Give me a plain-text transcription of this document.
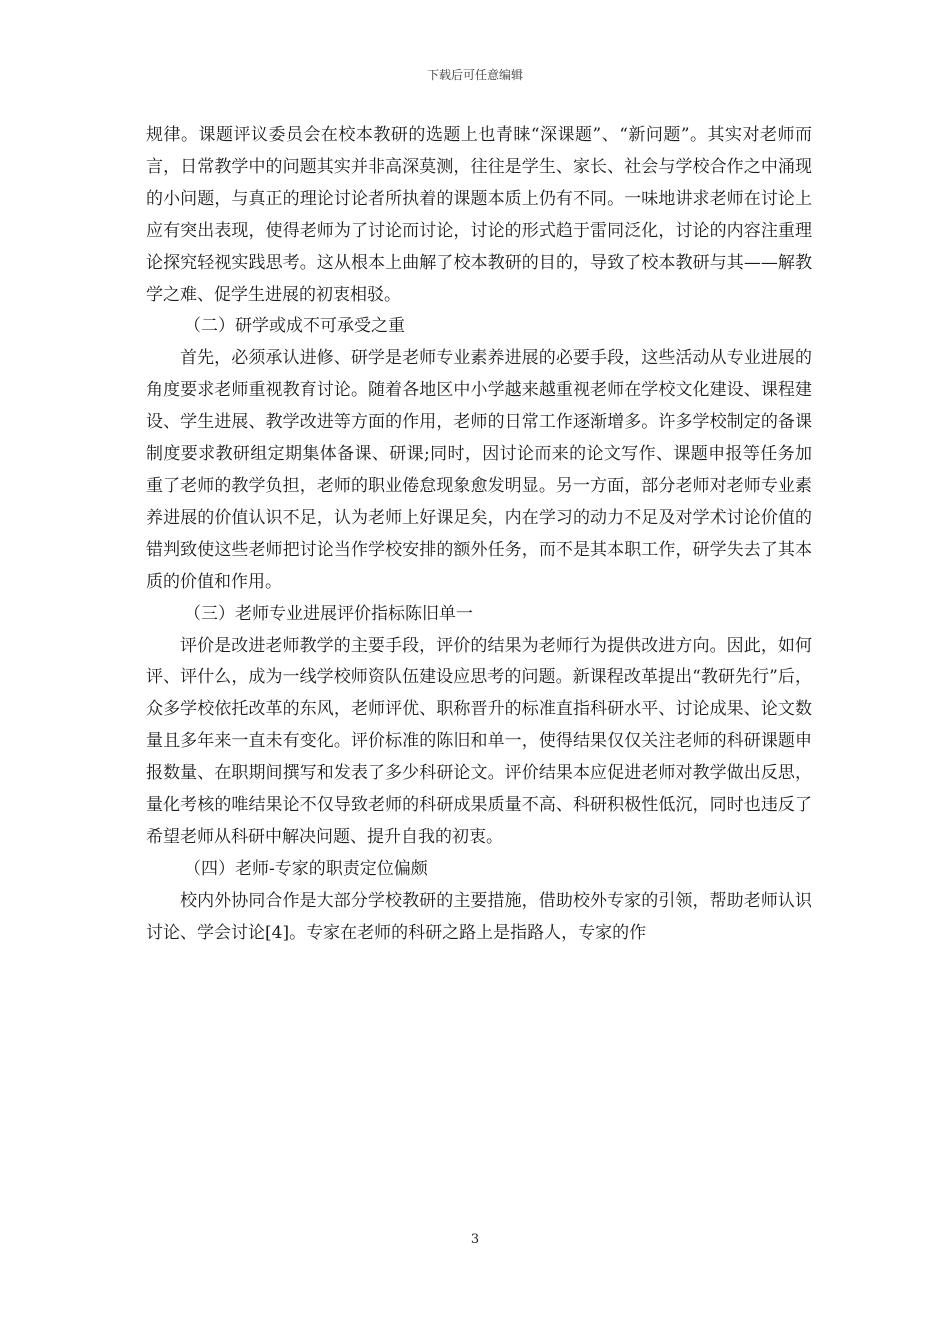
下载后可任意编辑

规律。课题评议委员会在校本教研的选题上也青睐“深课题”、“新问题”。其实对老师而言，日常教学中的问题其实并非高深莫测，往往是学生、家长、社会与学校合作之中涌现的小问题，与真正的理论讨论者所执着的课题本质上仍有不同。一味地讲求老师在讨论上应有突出表现，使得老师为了讨论而讨论，讨论的形式趋于雷同泛化，讨论的内容注重理论探究轻视实践思考。这从根本上曲解了校本教研的目的，导致了校本教研与其——解教学之难、促学生进展的初衷相驳。

（二）研学或成不可承受之重

首先，必须承认进修、研学是老师专业素养进展的必要手段，这些活动从专业进展的角度要求老师重视教育讨论。随着各地区中小学越来越重视老师在学校文化建设、课程建设、学生进展、教学改进等方面的作用，老师的日常工作逐渐增多。许多学校制定的备课制度要求教研组定期集体备课、研课;同时，因讨论而来的论文写作、课题申报等任务加重了老师的教学负担，老师的职业倦怠现象愈发明显。另一方面，部分老师对老师专业素养进展的价值认识不足，认为老师上好课足矣，内在学习的动力不足及对学术讨论价值的错判致使这些老师把讨论当作学校安排的额外任务，而不是其本职工作，研学失去了其本质的价值和作用。

（三）老师专业进展评价指标陈旧单一

评价是改进老师教学的主要手段，评价的结果为老师行为提供改进方向。因此，如何评、评什么，成为一线学校师资队伍建设应思考的问题。新课程改革提出“教研先行”后，众多学校依托改革的东风，老师评优、职称晋升的标准直指科研水平、讨论成果、论文数量且多年来一直未有变化。评价标准的陈旧和单一，使得结果仅仅关注老师的科研课题申报数量、在职期间撰写和发表了多少科研论文。评价结果本应促进老师对教学做出反思，量化考核的唯结果论不仅导致老师的科研成果质量不高、科研积极性低沉，同时也违反了希望老师从科研中解决问题、提升自我的初衷。

（四）老师-专家的职责定位偏颇

校内外协同合作是大部分学校教研的主要措施，借助校外专家的引领，帮助老师认识讨论、学会讨论[4]。专家在老师的科研之路上是指路人，专家的作

3
